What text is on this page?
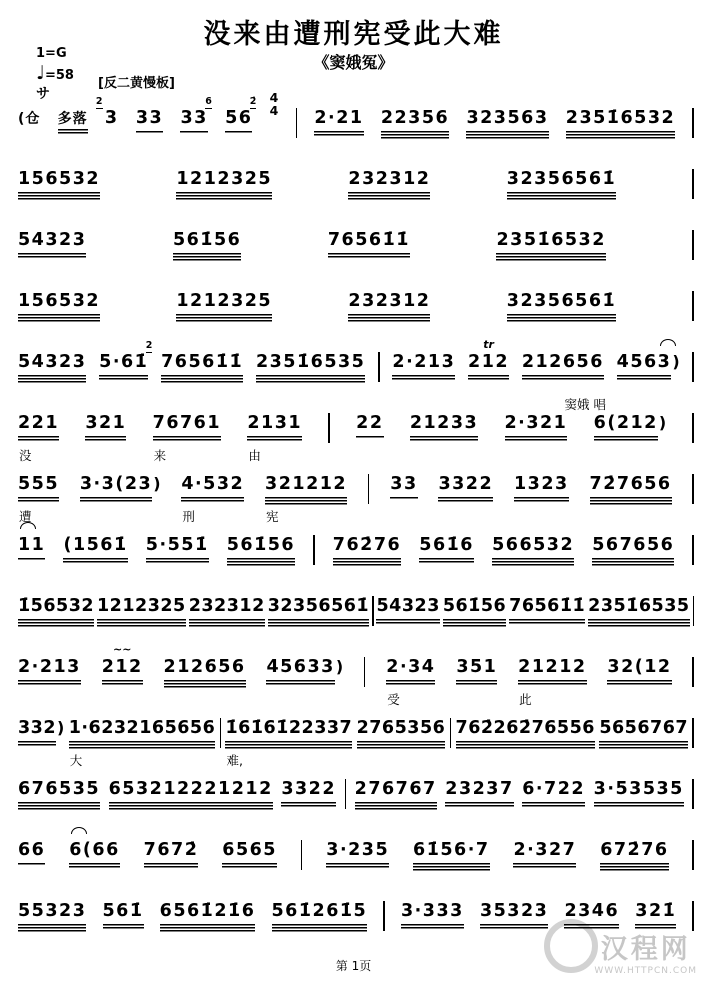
汉程网
WWW.HTTPCN.COM
没来由遭刑宪受此大难
《窦娥冤》
1=G
♩=58
サ
[反二黄慢板]
(仓 多落 3
2
33 33
6
56
2̇ 4
4 2·21 22356 323563 2351̇6532
156532	1212325	232312	32356561̇
54323	561̇56	76561̇1̇	2351̇6532
156532	1212325	232312	32356561̇
54323 5·61̇
2
76561̇1̇ 2351̇6535 2·213 212
tr
212656 4563)
窦娥 唱
221
没
321 76761
来
2131
由
22 21233 2·321 6(212)
555
遭
3·3(23) 4·532
刑
321212
宪
33 3322 1323 72̇7656
11 (1561̇ 5·551̇ 561̇56 762̇76 561̇6 566532 567656
1̇56532 1212325 232312 32356561̇ 54323 561̇56 76561̇1̇ 2351̇6535
2·213 212
~~
212656 45633) 2·34
受
351 21212
此
32(12
332) 1·6232165656
大
1̇61̇61̇22337
难,
2765356 762̇262̇76556 5656767
676535 653212221212 3322 276767 23237 6·722 3·53535
66 6(66 7672̇ 6565	3·235 61̇56·7 2·327 672̇76
55323 561̇ 6561̇21̇6 561̇261̇5 3·333 35323 2346 321̇
第 1页
